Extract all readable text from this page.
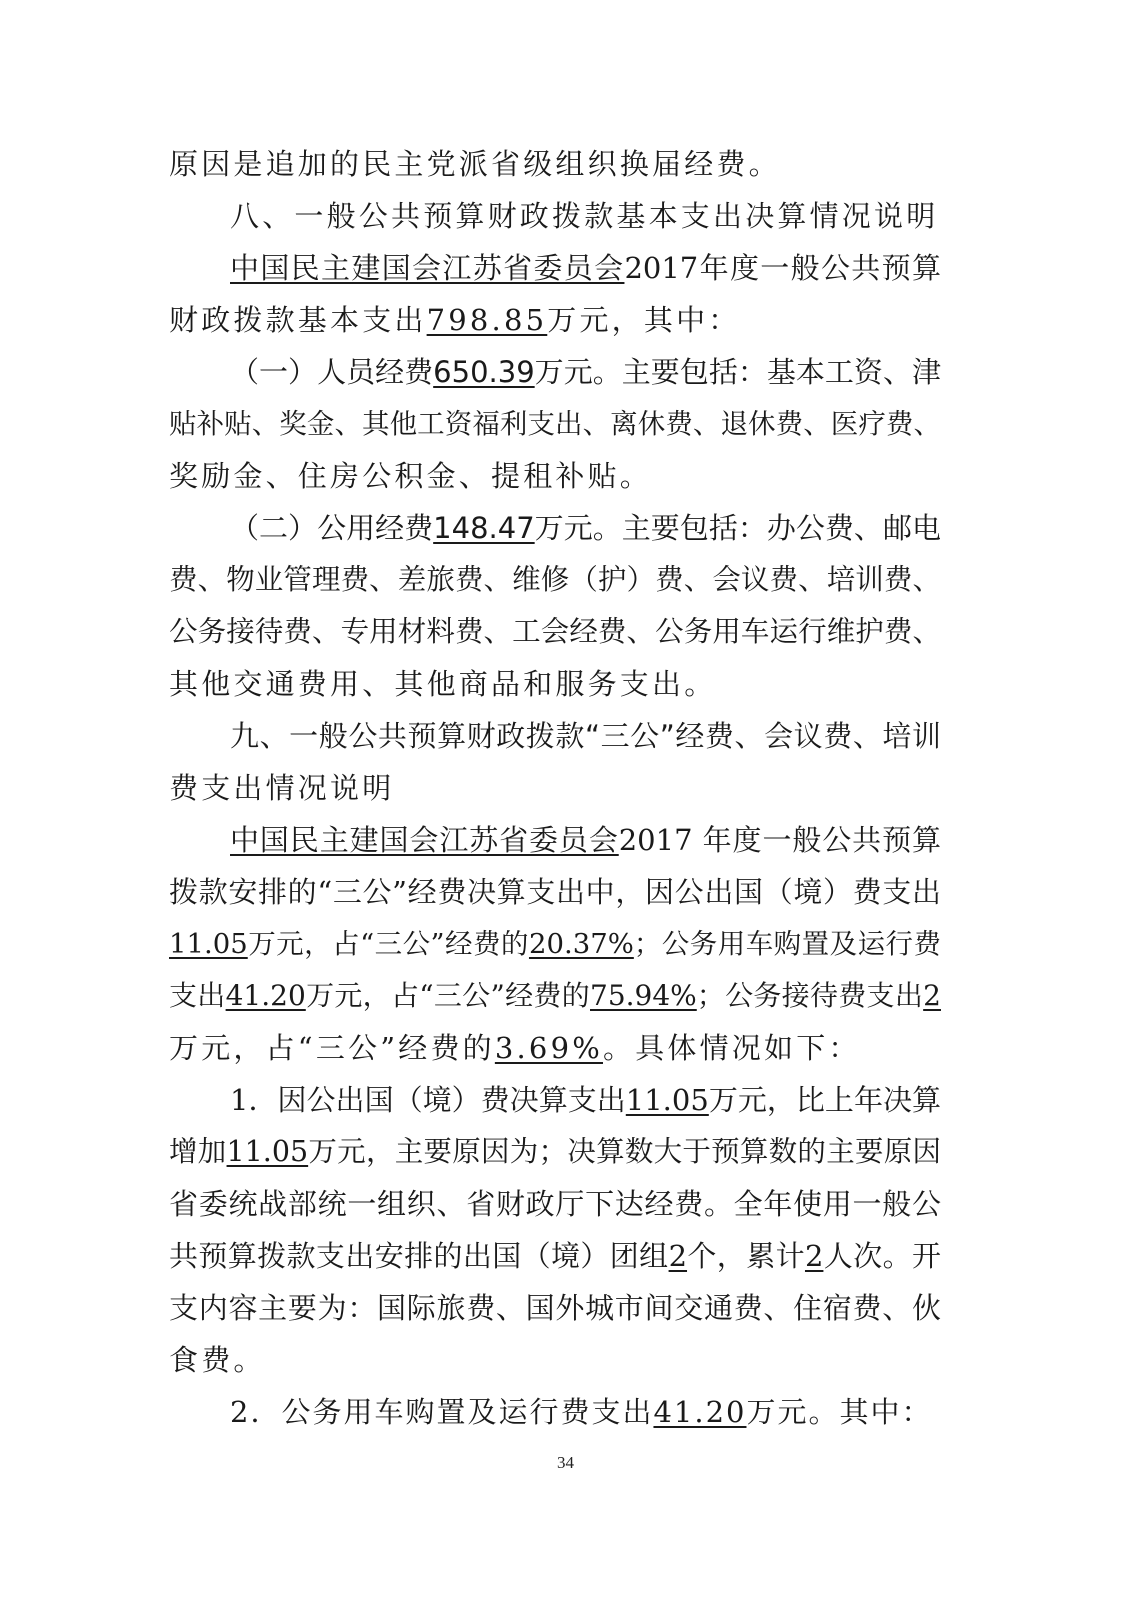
原因是追加的民主党派省级组织换届经费。
八、一般公共预算财政拨款基本支出决算情况说明
中国民主建国会江苏省委员会2017年度一般公共预算
财政拨款基本支出798.85万元，其中：
（一）人员经费650.39万元。主要包括：基本工资、津
贴补贴、奖金、其他工资福利支出、离休费、退休费、医疗费、
奖励金、住房公积金、提租补贴。
（二）公用经费148.47万元。主要包括：办公费、邮电
费、物业管理费、差旅费、维修（护）费、会议费、培训费、
公务接待费、专用材料费、工会经费、公务用车运行维护费、
其他交通费用、其他商品和服务支出。
九、一般公共预算财政拨款“三公”经费、会议费、培训
费支出情况说明
中国民主建国会江苏省委员会2017 年度一般公共预算
拨款安排的“三公”经费决算支出中，因公出国（境）费支出
11.05万元，占“三公”经费的20.37%；公务用车购置及运行费
支出41.20万元，占“三公”经费的75.94%；公务接待费支出2
万元，占“三公”经费的3.69%。具体情况如下：
1．因公出国（境）费决算支出11.05万元，比上年决算
增加11.05万元，主要原因为；决算数大于预算数的主要原因
省委统战部统一组织、省财政厅下达经费。全年使用一般公
共预算拨款支出安排的出国（境）团组2个，累计2人次。开
支内容主要为：国际旅费、国外城市间交通费、住宿费、伙
食费。
2．公务用车购置及运行费支出41.20万元。其中：
34
